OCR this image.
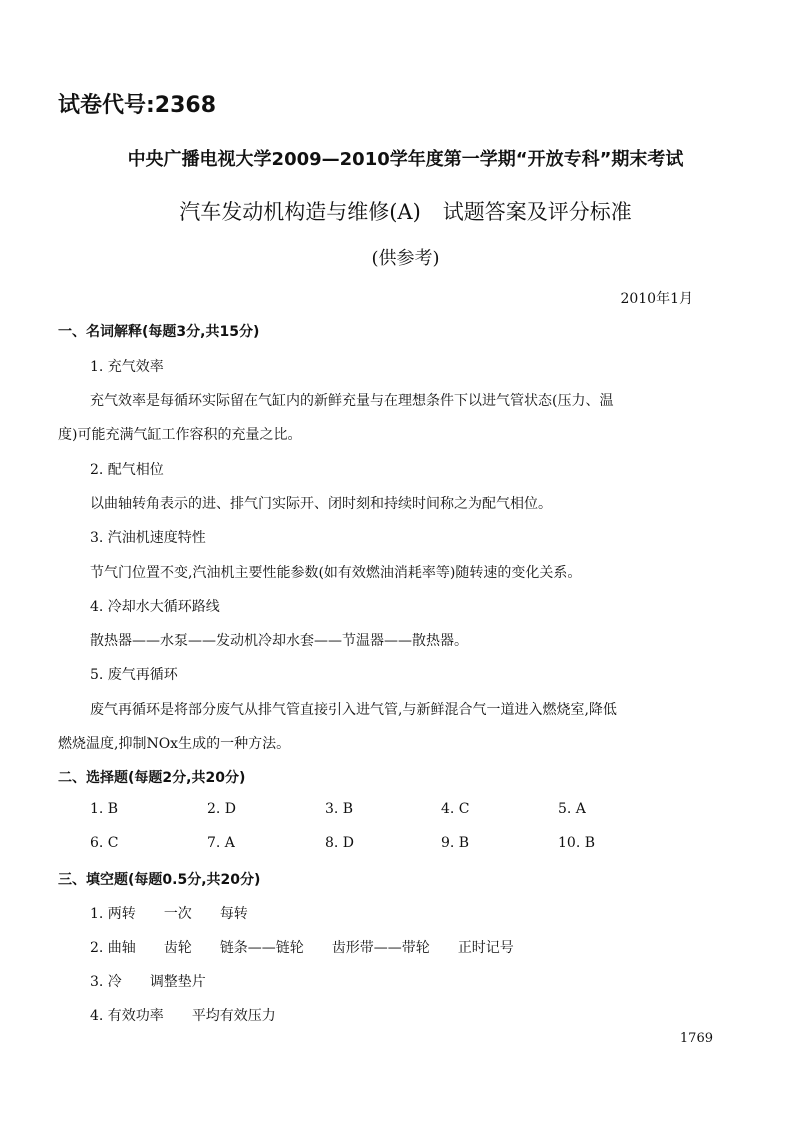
试卷代号:2368
中央广播电视大学2009—2010学年度第一学期“开放专科”期末考试
汽车发动机构造与维修(A) 试题答案及评分标准
(供参考)
2010年1月
一、名词解释(每题3分,共15分)
1. 充气效率
充气效率是每循环实际留在气缸内的新鲜充量与在理想条件下以进气管状态(压力、温
度)可能充满气缸工作容积的充量之比。
2. 配气相位
以曲轴转角表示的进、排气门实际开、闭时刻和持续时间称之为配气相位。
3. 汽油机速度特性
节气门位置不变,汽油机主要性能参数(如有效燃油消耗率等)随转速的变化关系。
4. 冷却水大循环路线
散热器——水泵——发动机冷却水套——节温器——散热器。
5. 废气再循环
废气再循环是将部分废气从排气管直接引入进气管,与新鲜混合气一道进入燃烧室,降低
燃烧温度,抑制NOx生成的一种方法。
二、选择题(每题2分,共20分)
1. B	2. D	3. B	4. C	5. A
6. C	7. A	8. D	9. B	10. B
三、填空题(每题0.5分,共20分)
1. 两转 一次 每转
2. 曲轴 齿轮 链条——链轮 齿形带——带轮 正时记号
3. 冷 调整垫片
4. 有效功率 平均有效压力
1769
